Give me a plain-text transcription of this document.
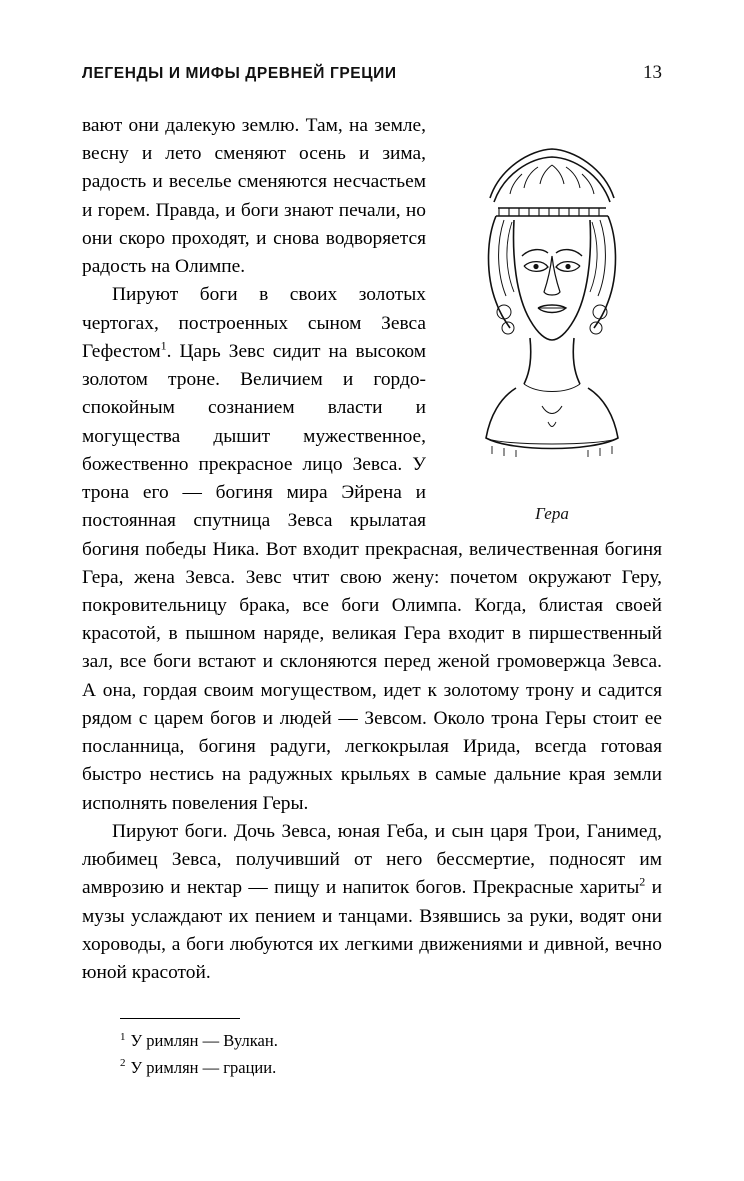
ЛЕГЕНДЫ И МИФЫ ДРЕВНЕЙ ГРЕЦИИ	13
Гера

вают они далекую землю. Там, на земле, весну и лето сменяют осень и зима, радость и веселье сменяются несчастьем и горем. Правда, и боги знают печали, но они скоро проходят, и снова водворяется радость на Олимпе.

Пируют боги в своих золотых чертогах, построенных сыном Зевса Гефестом$^1$. Царь Зевс сидит на высоком золотом троне. Величием и гордо-спокойным сознанием власти и могущества дышит мужественное, божественно прекрасное лицо Зевса. У трона его — богиня мира Эйрена и постоянная спутница Зевса крылатая богиня победы Ника. Вот входит прекрасная, величественная богиня Гера, жена Зевса. Зевс чтит свою жену: почетом окружают Геру, покровительницу брака, все боги Олимпа. Когда, блистая своей красотой, в пышном наряде, великая Гера входит в пиршественный зал, все боги встают и склоняются перед женой громовержца Зевса. А она, гордая своим могуществом, идет к золотому трону и садится рядом с царем богов и людей — Зевсом. Около трона Геры стоит ее посланница, богиня радуги, легкокрылая Ирида, всегда готовая быстро нестись на радужных крыльях в самые дальние края земли исполнять повеления Геры.

Пируют боги. Дочь Зевса, юная Геба, и сын царя Трои, Ганимед, любимец Зевса, получивший от него бессмертие, подносят им амврозию и нектар — пищу и напиток богов. Прекрасные хариты$^2$ и музы услаждают их пением и танцами. Взявшись за руки, водят они хороводы, а боги любуются их легкими движениями и дивной, вечно юной красотой.

$^1$ У римлян — Вулкан.

$^2$ У римлян — грации.
